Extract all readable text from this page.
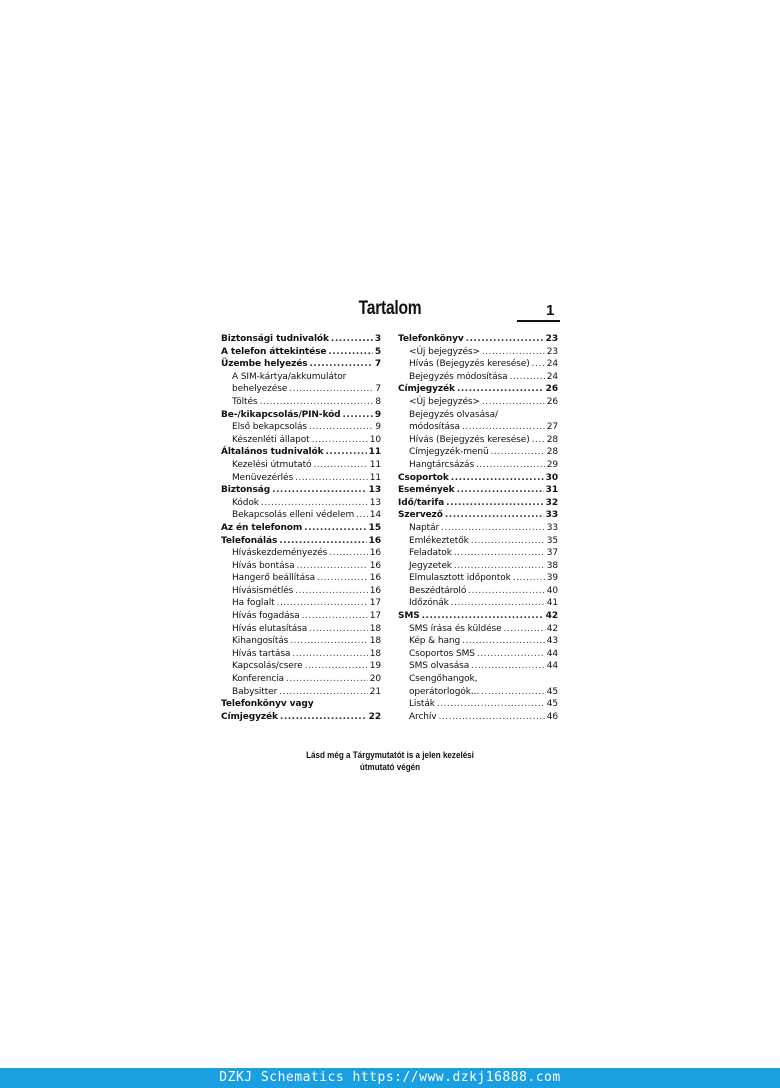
Tartalom	1
Biztonsági tudnivalók .....	3
A telefon áttekintése .....	5
Üzembe helyezés .....	7
A SIM-kártya/akkumulátor
behelyezése .....	7
Töltés .....	8
Be-/kikapcsolás/PIN-kód .....	9
Első bekapcsolás .....	9
Készenléti állapot .....	10
Általános tudnivalók .....	11
Kezelési útmutató .....	11
Menüvezérlés .....	11
Biztonság .....	13
Kódok .....	13
Bekapcsolás elleni védelem ..... 14
Az én telefonom .....	15
Telefonálás .....	16
Híváskezdeményezés .....	16
Hívás bontása .....	16
Hangerő beállítása .....	16
Hívásismétlés .....	16
Ha foglalt .....	17
Hívás fogadása .....	17
Hívás elutasítása .....	18
Kihangosítás .....	18
Hívás tartása .....	18
Kapcsolás/csere .....	19
Konferencia .....	20
Babysitter .....	21
Telefonkönyv vagy
Címjegyzék .....	22
Telefonkönyv .....	23
<Új bejegyzés> .....	23
Hívás (Bejegyzés keresése) ..... 24
Bejegyzés módosítása .....	24
Címjegyzék .....	26
<Új bejegyzés> .....	26
Bejegyzés olvasása/
módosítása .....	27
Hívás (Bejegyzés keresése) ..... 28
Címjegyzék-menü .....	28
Hangtárcsázás .....	29
Csoportok .....	30
Események .....	31
Idő/tarifa .....	32
Szervező .....	33
Naptár .....	33
Emlékeztetők .....	35
Feladatok .....	37
Jegyzetek .....	38
Elmulasztott időpontok .....	39
Beszédtároló .....	40
Időzónák .....	41
SMS .....	42
SMS írása és küldése .....	42
Kép & hang .....	43
Csoportos SMS .....	44
SMS olvasása .....	44
Csengőhangok,
operátorlogók... .....	45
Listák .....	45
Archív .....	46
Lásd még a Tárgymutatót is a jelen kezelési
útmutató végén
DZKJ Schematics https://www.dzkj16888.com
